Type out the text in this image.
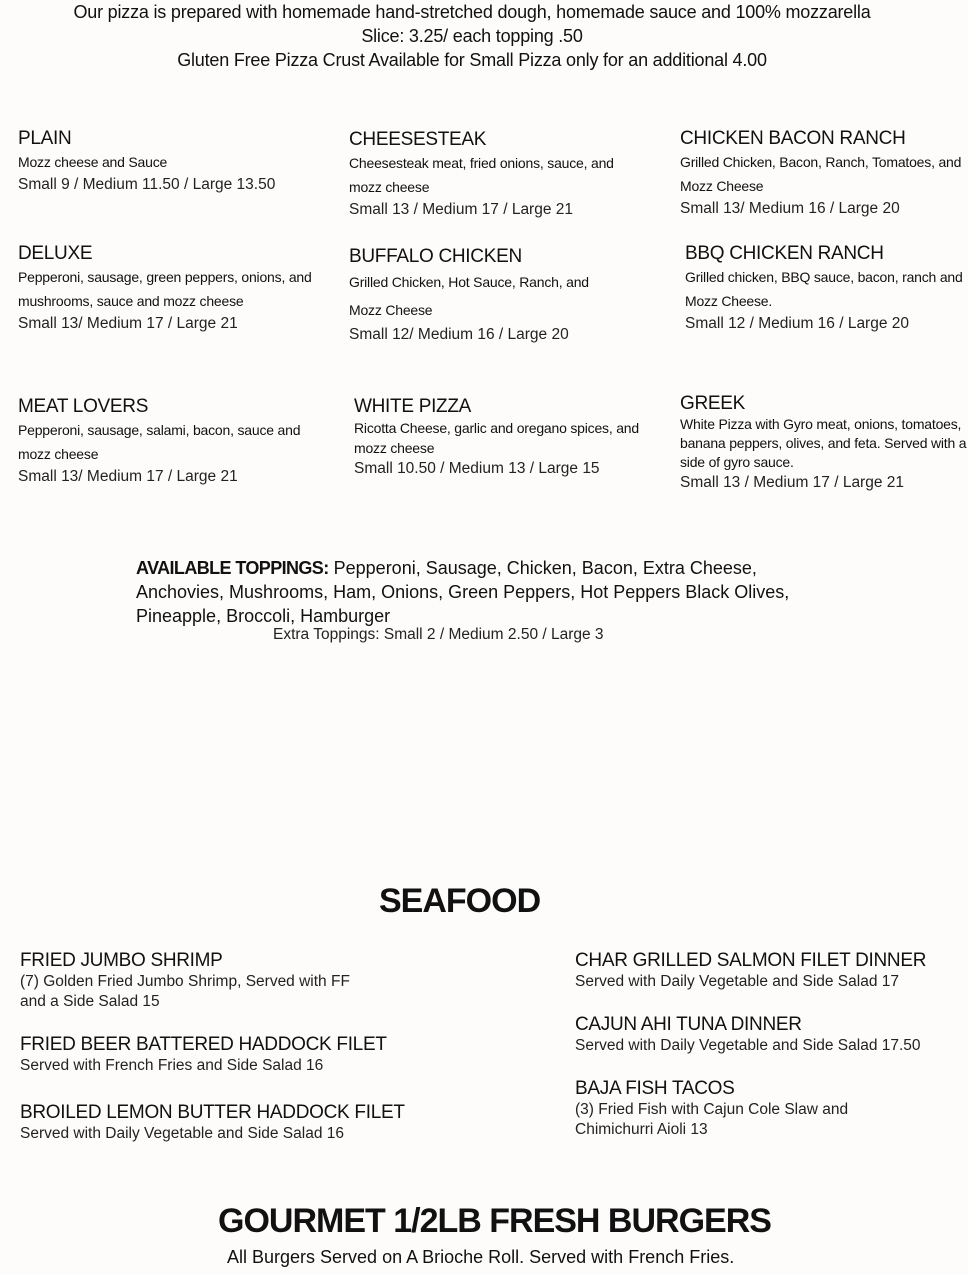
Our pizza is prepared with homemade hand-stretched dough, homemade sauce and 100% mozzarella
Slice: 3.25/ each topping .50
Gluten Free Pizza Crust Available for Small Pizza only for an additional 4.00
PLAIN
Mozz cheese and Sauce
Small 9 / Medium 11.50 / Large 13.50
CHEESESTEAK
Cheesesteak meat, fried onions, sauce, and mozz cheese
Small 13 / Medium 17 / Large 21
CHICKEN BACON RANCH
Grilled Chicken, Bacon, Ranch, Tomatoes, and Mozz Cheese
Small 13/ Medium 16 / Large 20
DELUXE
Pepperoni, sausage, green peppers, onions, and mushrooms, sauce and mozz cheese
Small 13/ Medium 17 / Large 21
BUFFALO CHICKEN
Grilled Chicken, Hot Sauce, Ranch, and Mozz Cheese
Small 12/ Medium 16 / Large 20
BBQ CHICKEN RANCH
Grilled chicken, BBQ sauce, bacon, ranch and Mozz Cheese.
Small 12 / Medium 16 / Large 20
MEAT LOVERS
Pepperoni, sausage, salami, bacon, sauce and mozz cheese
Small 13/ Medium 17 / Large 21
WHITE PIZZA
Ricotta Cheese, garlic and oregano spices, and mozz cheese
Small 10.50 / Medium 13 / Large 15
GREEK
White Pizza with Gyro meat, onions, tomatoes, banana peppers, olives, and feta. Served with a side of gyro sauce.
Small 13 / Medium 17 / Large 21
AVAILABLE TOPPINGS: Pepperoni, Sausage, Chicken, Bacon, Extra Cheese, Anchovies, Mushrooms, Ham, Onions, Green Peppers, Hot Peppers Black Olives, Pineapple, Broccoli, Hamburger
Extra Toppings: Small 2 / Medium 2.50 / Large 3
SEAFOOD
FRIED JUMBO SHRIMP
(7) Golden Fried Jumbo Shrimp, Served with FF and a Side Salad 15
FRIED BEER BATTERED HADDOCK FILET
Served with French Fries and Side Salad 16
BROILED LEMON BUTTER HADDOCK FILET
Served with Daily Vegetable and Side Salad 16
CHAR GRILLED SALMON FILET DINNER
Served with Daily Vegetable and Side Salad 17
CAJUN AHI TUNA DINNER
Served with Daily Vegetable and Side Salad 17.50
BAJA FISH TACOS
(3) Fried Fish with Cajun Cole Slaw and Chimichurri Aioli 13
GOURMET 1/2LB FRESH BURGERS
All Burgers Served on A Brioche Roll. Served with French Fries.
